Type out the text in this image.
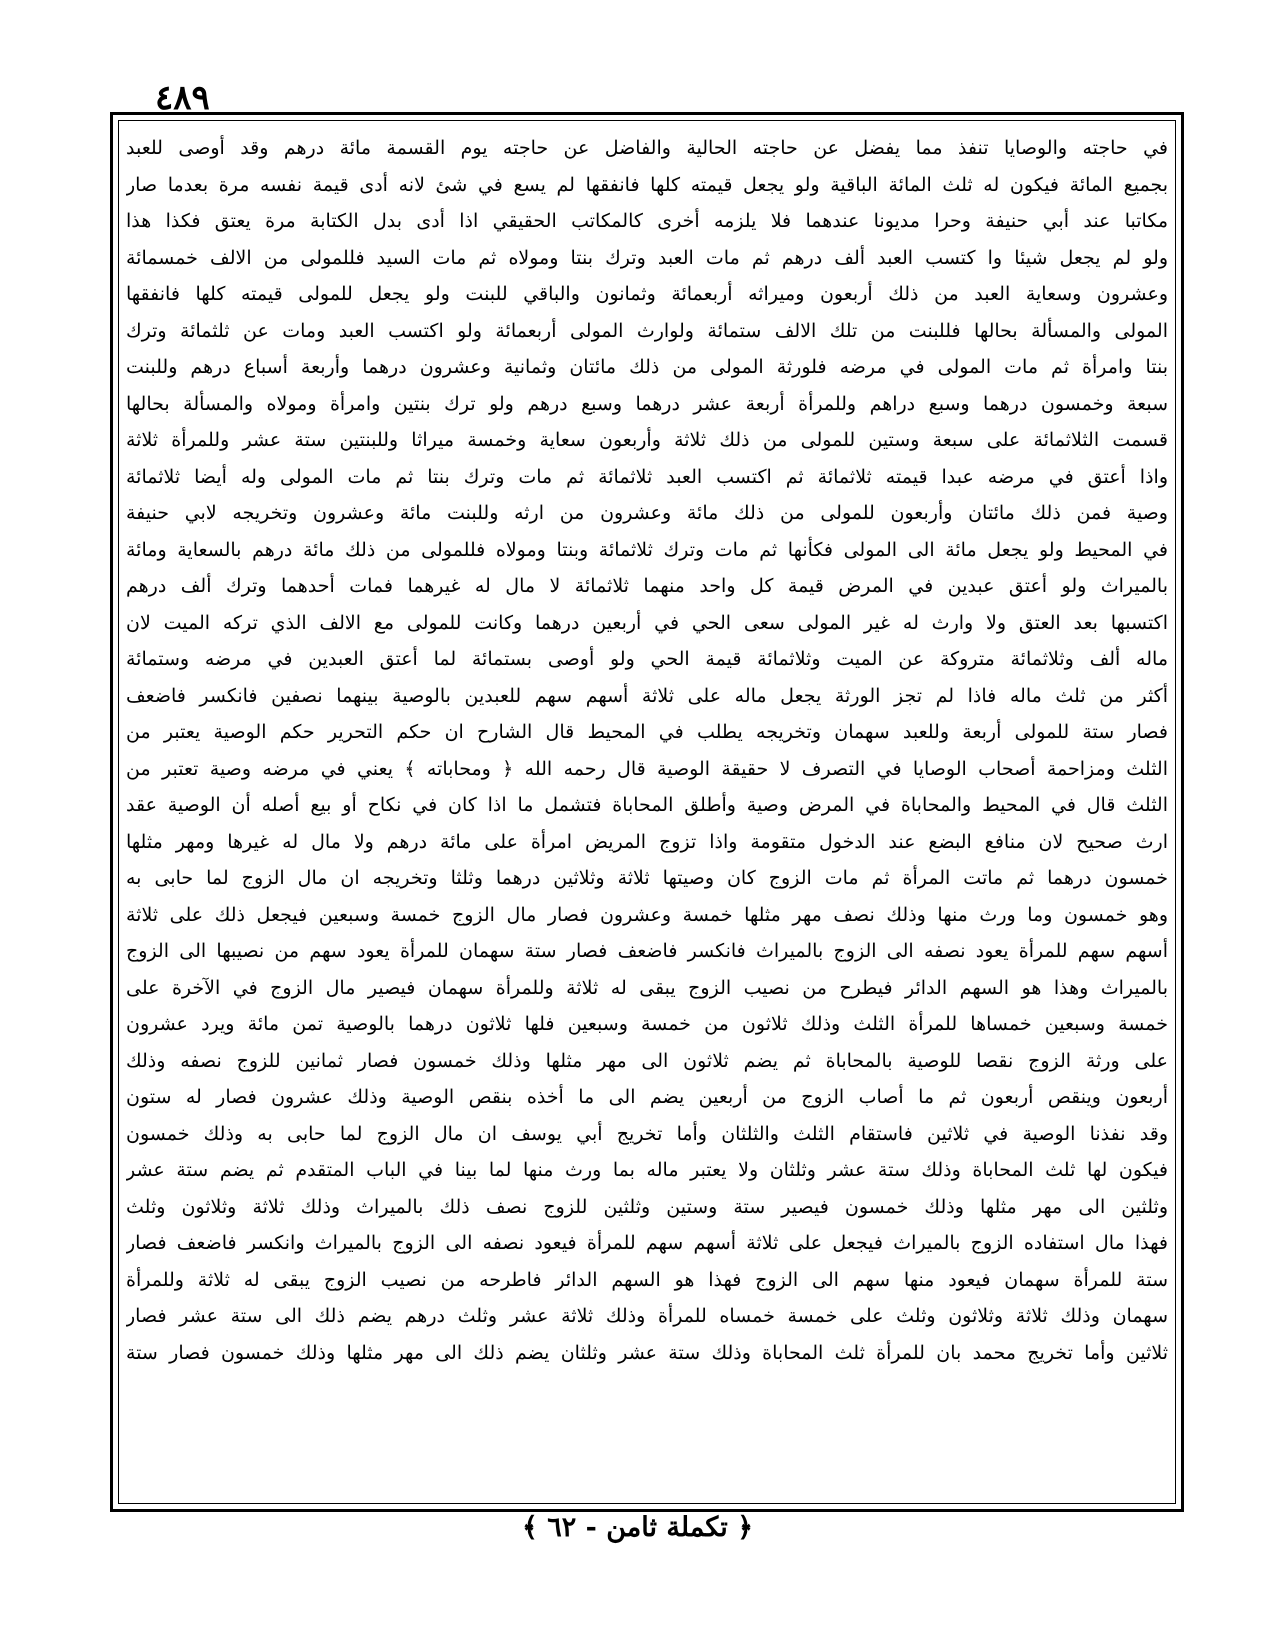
٤٨٩
في حاجته والوصايا تنفذ مما يفضل عن حاجته الحالية والفاضل عن حاجته يوم القسمة مائة درهم وقد أوصى للعبد
بجميع المائة فيكون له ثلث المائة الباقية ولو يجعل قيمته كلها فانفقها لم يسع في شئ لانه أدى قيمة نفسه مرة بعدما صار
مكاتبا عند أبي حنيفة وحرا مديونا عندهما فلا يلزمه أخرى كالمكاتب الحقيقي اذا أدى بدل الكتابة مرة يعتق فكذا هذا
ولو لم يجعل شيئا وا كتسب العبد ألف درهم ثم مات العبد وترك بنتا ومولاه ثم مات السيد فللمولى من الالف خمسمائة
وعشرون وسعاية العبد من ذلك أربعون وميراثه أربعمائة وثمانون والباقي للبنت ولو يجعل للمولى قيمته كلها فانفقها
المولى والمسألة بحالها فللبنت من تلك الالف ستمائة ولوارث المولى أربعمائة ولو اكتسب العبد ومات عن ثلثمائة وترك
بنتا وامرأة ثم مات المولى في مرضه فلورثة المولى من ذلك مائتان وثمانية وعشرون درهما وأربعة أسباع درهم وللبنت
سبعة وخمسون درهما وسبع دراهم وللمرأة أربعة عشر درهما وسبع درهم ولو ترك بنتين وامرأة ومولاه والمسألة بحالها
قسمت الثلاثمائة على سبعة وستين للمولى من ذلك ثلاثة وأربعون سعاية وخمسة ميراثا وللبنتين ستة عشر وللمرأة ثلاثة
واذا أعتق في مرضه عبدا قيمته ثلاثمائة ثم اكتسب العبد ثلاثمائة ثم مات وترك بنتا ثم مات المولى وله أيضا ثلاثمائة
وصية فمن ذلك مائتان وأربعون للمولى من ذلك مائة وعشرون من ارثه وللبنت مائة وعشرون وتخريجه لابي حنيفة
في المحيط ولو يجعل مائة الى المولى فكأنها ثم مات وترك ثلاثمائة وبنتا ومولاه فللمولى من ذلك مائة درهم بالسعاية ومائة
بالميراث ولو أعتق عبدين في المرض قيمة كل واحد منهما ثلاثمائة لا مال له غيرهما فمات أحدهما وترك ألف درهم
اكتسبها بعد العتق ولا وارث له غير المولى سعى الحي في أربعين درهما وكانت للمولى مع الالف الذي تركه الميت لان
ماله ألف وثلاثمائة متروكة عن الميت وثلاثمائة قيمة الحي ولو أوصى بستمائة لما أعتق العبدين في مرضه وستمائة
أكثر من ثلث ماله فاذا لم تجز الورثة يجعل ماله على ثلاثة أسهم سهم للعبدين بالوصية بينهما نصفين فانكسر فاضعف
فصار ستة للمولى أربعة وللعبد سهمان وتخريجه يطلب في المحيط قال الشارح ان حكم التحرير حكم الوصية يعتبر من
الثلث ومزاحمة أصحاب الوصايا في التصرف لا حقيقة الوصية قال رحمه الله ﴿ ومحاباته ﴾ يعني في مرضه وصية تعتبر من
الثلث قال في المحيط والمحاباة في المرض وصية وأطلق المحاباة فتشمل ما اذا كان في نكاح أو بيع أصله أن الوصية عقد
ارث صحيح لان منافع البضع عند الدخول متقومة واذا تزوج المريض امرأة على مائة درهم ولا مال له غيرها ومهر مثلها
خمسون درهما ثم ماتت المرأة ثم مات الزوج كان وصيتها ثلاثة وثلاثين درهما وثلثا وتخريجه ان مال الزوج لما حابى به
وهو خمسون وما ورث منها وذلك نصف مهر مثلها خمسة وعشرون فصار مال الزوج خمسة وسبعين فيجعل ذلك على ثلاثة
أسهم سهم للمرأة يعود نصفه الى الزوج بالميراث فانكسر فاضعف فصار ستة سهمان للمرأة يعود سهم من نصيبها الى الزوج
بالميراث وهذا هو السهم الدائر فيطرح من نصيب الزوج يبقى له ثلاثة وللمرأة سهمان فيصير مال الزوج في الآخرة على
خمسة وسبعين خمساها للمرأة الثلث وذلك ثلاثون من خمسة وسبعين فلها ثلاثون درهما بالوصية تمن مائة ويرد عشرون
على ورثة الزوج نقصا للوصية بالمحاباة ثم يضم ثلاثون الى مهر مثلها وذلك خمسون فصار ثمانين للزوج نصفه وذلك
أربعون وينقص أربعون ثم ما أصاب الزوج من أربعين يضم الى ما أخذه بنقص الوصية وذلك عشرون فصار له ستون
وقد نفذنا الوصية في ثلاثين فاستقام الثلث والثلثان وأما تخريج أبي يوسف ان مال الزوج لما حابى به وذلك خمسون
فيكون لها ثلث المحاباة وذلك ستة عشر وثلثان ولا يعتبر ماله بما ورث منها لما بينا في الباب المتقدم ثم يضم ستة عشر
وثلثين الى مهر مثلها وذلك خمسون فيصير ستة وستين وثلثين للزوج نصف ذلك بالميراث وذلك ثلاثة وثلاثون وثلث
فهذا مال استفاده الزوج بالميراث فيجعل على ثلاثة أسهم سهم للمرأة فيعود نصفه الى الزوج بالميراث وانكسر فاضعف فصار
ستة للمرأة سهمان فيعود منها سهم الى الزوج فهذا هو السهم الدائر فاطرحه من نصيب الزوج يبقى له ثلاثة وللمرأة
سهمان وذلك ثلاثة وثلاثون وثلث على خمسة خمساه للمرأة وذلك ثلاثة عشر وثلث درهم يضم ذلك الى ستة عشر فصار
ثلاثين وأما تخريج محمد بان للمرأة ثلث المحاباة وذلك ستة عشر وثلثان يضم ذلك الى مهر مثلها وذلك خمسون فصار ستة
﴿ تكملة ثامن - ٦٢ ﴾
